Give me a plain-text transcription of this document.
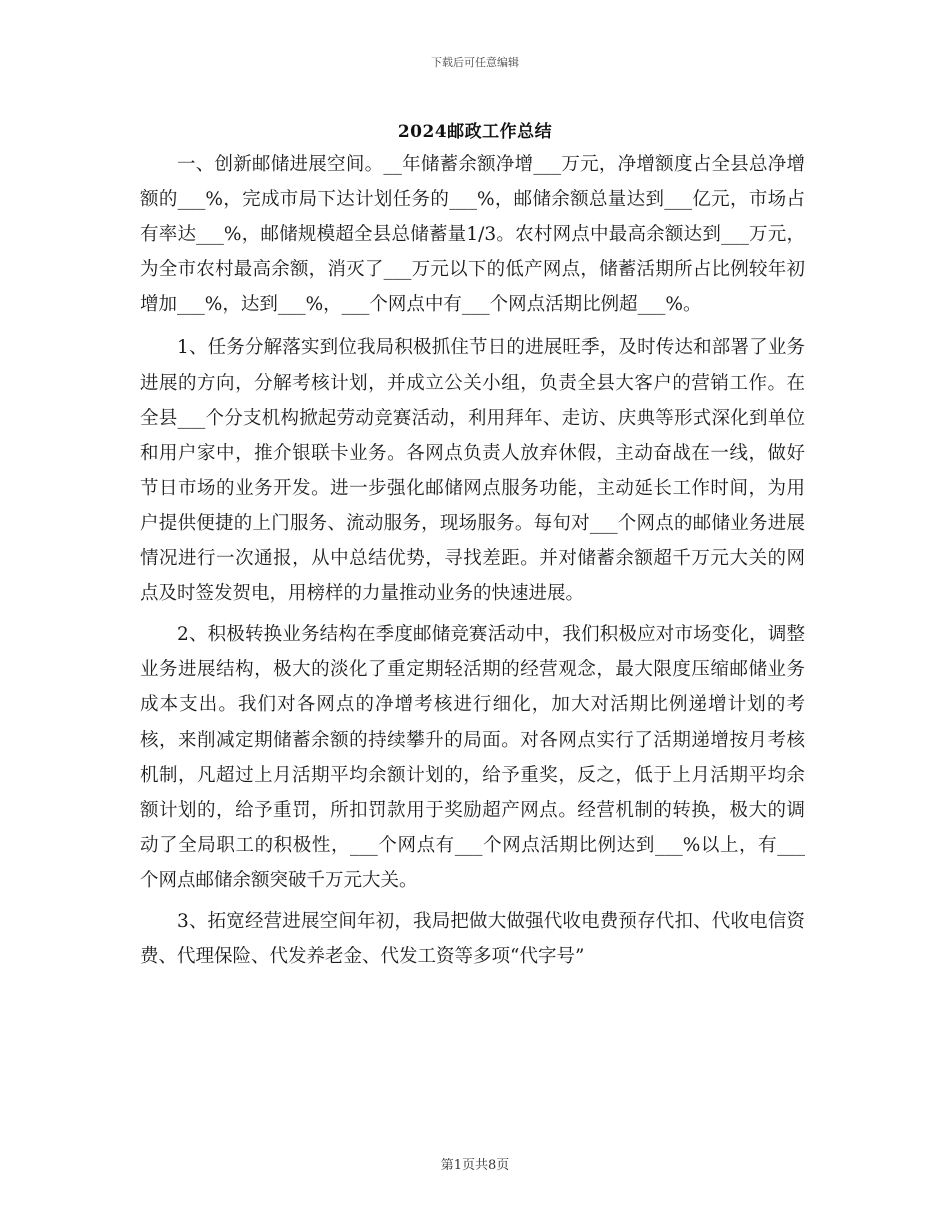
下载后可任意编辑
2024邮政工作总结

一、创新邮储进展空间。__年储蓄余额净增___万元，净增额度占全县总净增额的___%，完成市局下达计划任务的___%，邮储余额总量达到___亿元，市场占有率达___%，邮储规模超全县总储蓄量1/3。农村网点中最高余额达到___万元，为全市农村最高余额，消灭了___万元以下的低产网点，储蓄活期所占比例较年初增加___%，达到___%，___个网点中有___个网点活期比例超___%。

1、任务分解落实到位我局积极抓住节日的进展旺季，及时传达和部署了业务进展的方向，分解考核计划，并成立公关小组，负责全县大客户的营销工作。在全县___个分支机构掀起劳动竞赛活动，利用拜年、走访、庆典等形式深化到单位和用户家中，推介银联卡业务。各网点负责人放弃休假，主动奋战在一线，做好节日市场的业务开发。进一步强化邮储网点服务功能，主动延长工作时间，为用户提供便捷的上门服务、流动服务，现场服务。每旬对___个网点的邮储业务进展情况进行一次通报，从中总结优势，寻找差距。并对储蓄余额超千万元大关的网点及时签发贺电，用榜样的力量推动业务的快速进展。

2、积极转换业务结构在季度邮储竞赛活动中，我们积极应对市场变化，调整业务进展结构，极大的淡化了重定期轻活期的经营观念，最大限度压缩邮储业务成本支出。我们对各网点的净增考核进行细化，加大对活期比例递增计划的考核，来削减定期储蓄余额的持续攀升的局面。对各网点实行了活期递增按月考核机制，凡超过上月活期平均余额计划的，给予重奖，反之，低于上月活期平均余额计划的，给予重罚，所扣罚款用于奖励超产网点。经营机制的转换，极大的调动了全局职工的积极性，___个网点有___个网点活期比例达到___%以上，有___个网点邮储余额突破千万元大关。

3、拓宽经营进展空间年初，我局把做大做强代收电费预存代扣、代收电信资费、代理保险、代发养老金、代发工资等多项“代字号”

第1页共8页
